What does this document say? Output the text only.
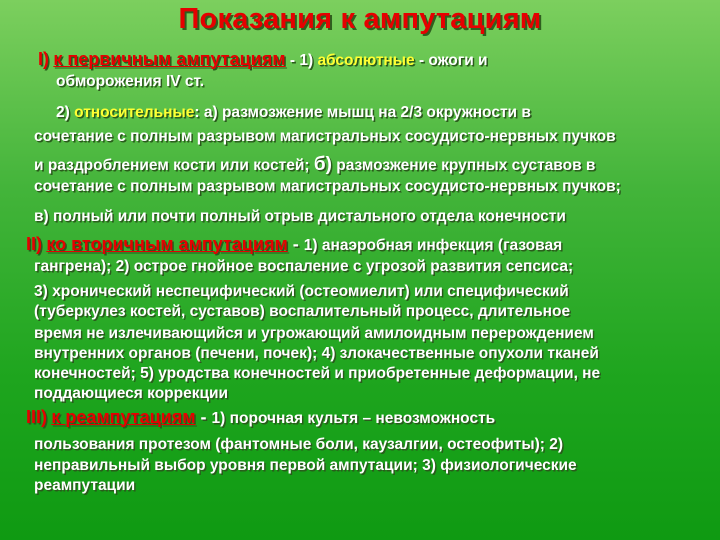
Показания к ампутациям
I) к первичным ампутациям - 1) абсолютные - ожоги и
обморожения IV ст.
2) относительные: а) размозжение мышц на 2/3 окружности в
сочетание с полным разрывом магистральных сосудисто-нервных пучков
и раздроблением кости или костей; б) размозжение крупных суставов в
сочетание с полным разрывом магистральных сосудисто-нервных пучков;
в) полный или почти полный отрыв дистального отдела конечности
II) ко вторичным ампутациям - 1) анаэробная инфекция (газовая
гангрена); 2) острое гнойное воспаление с угрозой развития сепсиса;
3) хронический неспецифический (остеомиелит) или специфический
(туберкулез костей, суставов) воспалительный процесс, длительное
время не излечивающийся и угрожающий амилоидным перерождением
внутренних органов (печени, почек); 4) злокачественные опухоли тканей
конечностей; 5) уродства конечностей и приобретенные деформации, не
поддающиеся коррекции
III) к реампутациям - 1) порочная культя – невозможность
пользования протезом (фантомные боли, каузалгии, остеофиты); 2)
неправильный выбор уровня первой ампутации; 3) физиологические
реампутации
